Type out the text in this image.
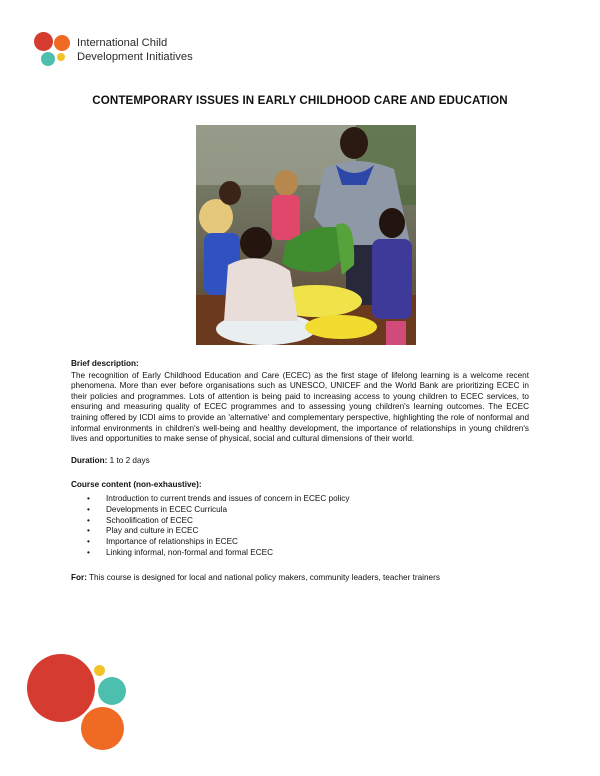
International Child
Development Initiatives
CONTEMPORARY ISSUES IN EARLY CHILDHOOD CARE AND EDUCATION
Brief description:
The recognition of Early Childhood Education and Care (ECEC) as the first stage of lifelong learning is a welcome recent phenomena. More than ever before organisations such as UNESCO, UNICEF and the World Bank are prioritizing ECEC in their policies and programmes. Lots of attention is being paid to increasing access to young children to ECEC services, to ensuring and measuring quality of ECEC programmes and to assessing young children's learning outcomes. The ECEC training offered by ICDI aims to provide an 'alternative' and complementary perspective, highlighting the role of nonformal and informal environments in children's well-being and healthy development, the importance of relationships in young children's lives and opportunities to make sense of physical, social and cultural dimensions of their world.
Duration: 1 to 2 days
Course content (non-exhaustive):
• Introduction to current trends and issues of concern in ECEC policy
• Developments in ECEC Curricula
• Schoolification of ECEC
• Play and culture in ECEC
• Importance of relationships in ECEC
• Linking informal, non-formal and formal ECEC
For: This course is designed for local and national policy makers, community leaders, teacher trainers
